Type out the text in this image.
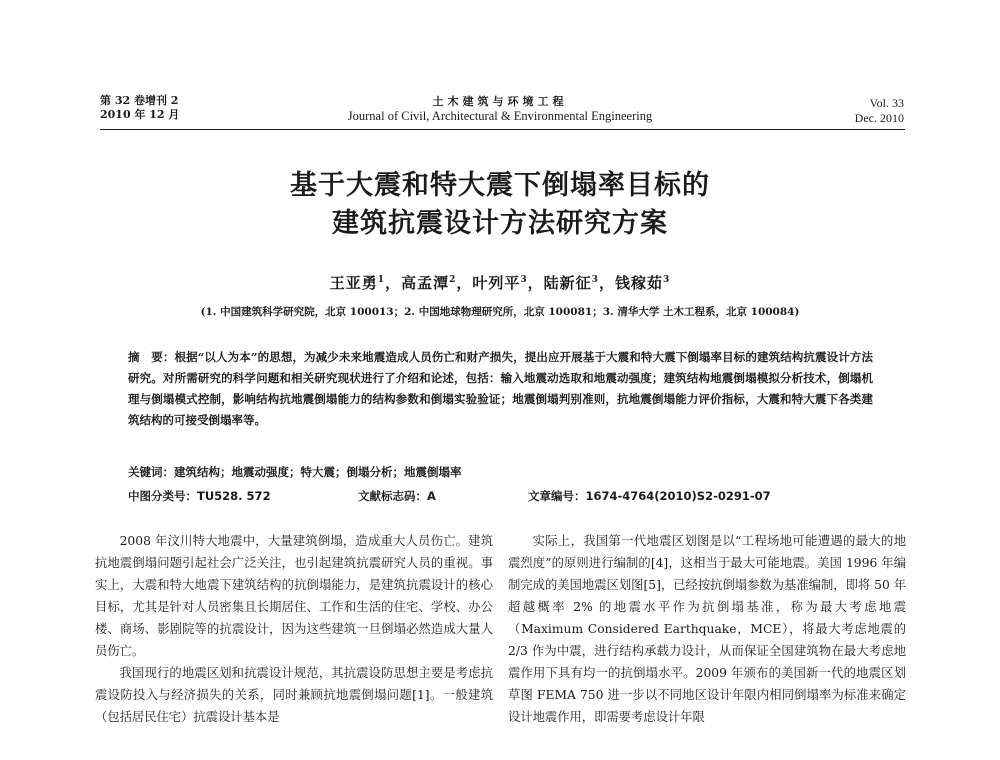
第 32 卷增刊 2
2010 年 12 月
土木建筑与环境工程
Journal of Civil, Architectural & Environmental Engineering
Vol. 33
Dec. 2010
基于大震和特大震下倒塌率目标的
建筑抗震设计方法研究方案
王亚勇$^1$，高孟潭$^2$，叶列平$^3$，陆新征$^3$，钱稼茹$^3$
(1. 中国建筑科学研究院，北京 100013；2. 中国地球物理研究所，北京 100081；3. 清华大学 土木工程系，北京 100084)
摘　要：根据“以人为本”的思想，为减少未来地震造成人员伤亡和财产损失，提出应开展基于大震和特大震下倒塌率目标的建筑结构抗震设计方法研究。对所需研究的科学问题和相关研究现状进行了介绍和论述，包括：输入地震动选取和地震动强度；建筑结构地震倒塌模拟分析技术，倒塌机理与倒塌模式控制，影响结构抗地震倒塌能力的结构参数和倒塌实验验证；地震倒塌判别准则，抗地震倒塌能力评价指标，大震和特大震下各类建筑结构的可接受倒塌率等。
关键词：建筑结构；地震动强度；特大震；倒塌分析；地震倒塌率
中图分类号：TU528. 572	文献标志码：A	文章编号：1674-4764(2010)S2-0291-07

2008 年汶川特大地震中，大量建筑倒塌，造成重大人员伤亡。建筑抗地震倒塌问题引起社会广泛关注，也引起建筑抗震研究人员的重视。事实上，大震和特大地震下建筑结构的抗倒塌能力，是建筑抗震设计的核心目标，尤其是针对人员密集且长期居住、工作和生活的住宅、学校、办公楼、商场、影剧院等的抗震设计，因为这些建筑一旦倒塌必然造成大量人员伤亡。

我国现行的地震区划和抗震设计规范，其抗震设防思想主要是考虑抗震设防投入与经济损失的关系，同时兼顾抗地震倒塌问题[1]。一般建筑（包括居民住宅）抗震设计基本是

实际上，我国第一代地震区划图是以“工程场地可能遭遇的最大的地震烈度”的原则进行编制的[4]，这相当于最大可能地震。美国 1996 年编制完成的美国地震区划图[5]，已经按抗倒塌参数为基准编制，即将 50 年超越概率 2% 的地震水平作为抗倒塌基准，称为最大考虑地震（Maximum Considered Earthquake，MCE），将最大考虑地震的 2/3 作为中震，进行结构承载力设计，从而保证全国建筑物在最大考虑地震作用下具有均一的抗倒塌水平。2009 年颁布的美国新一代的地震区划草图 FEMA 750 进一步以不同地区设计年限内相同倒塌率为标准来确定设计地震作用，即需要考虑设计年限
